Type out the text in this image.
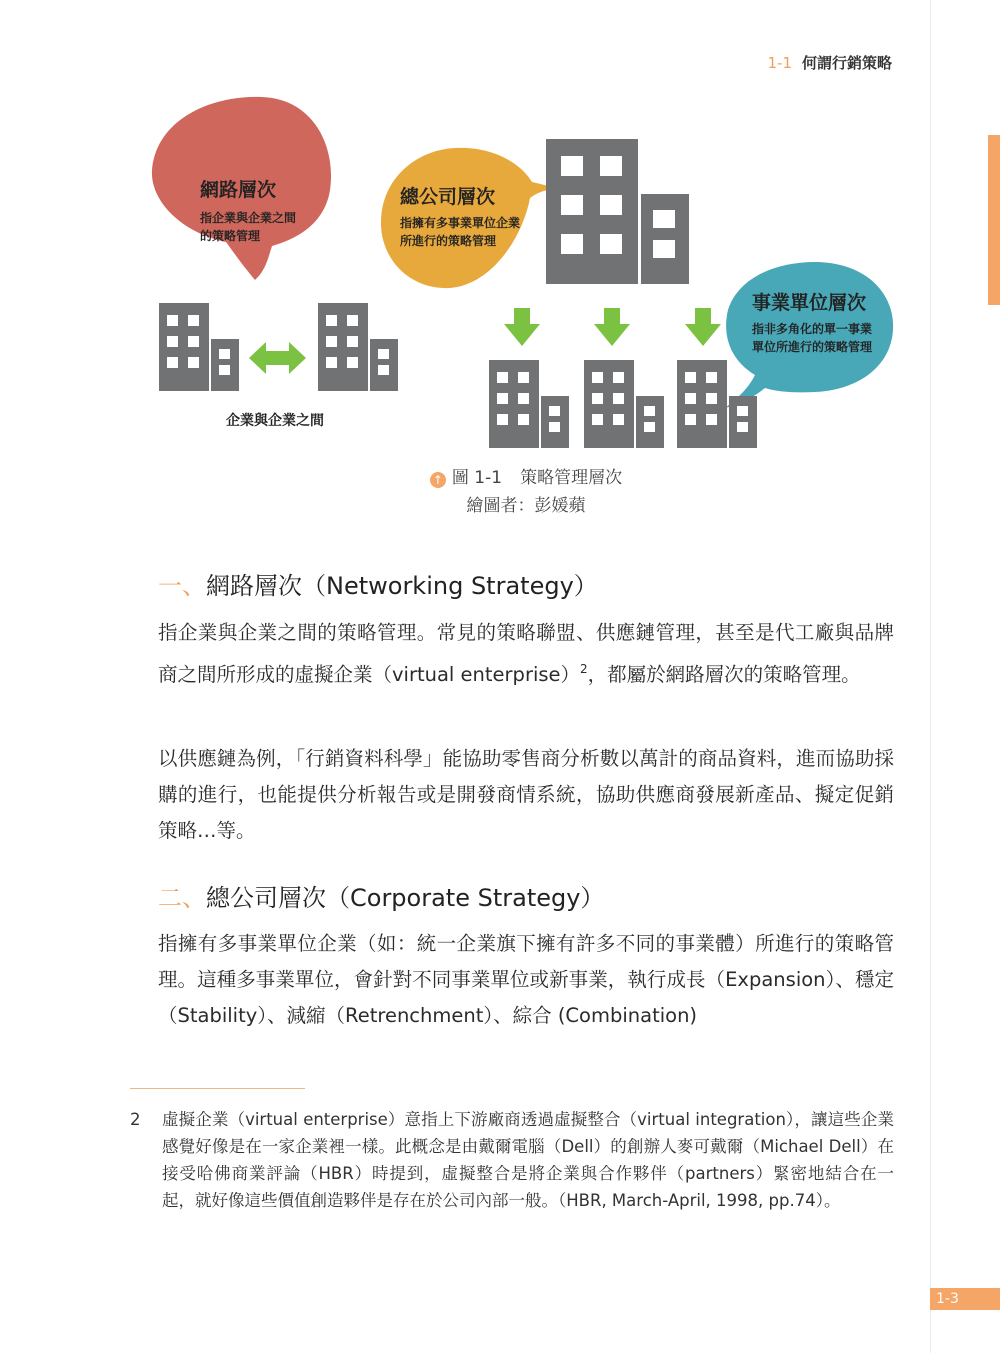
1-1 何謂行銷策略
網路層次
指企業與企業之間
的策略管理
總公司層次
指擁有多事業單位企業
所進行的策略管理
事業單位層次
指非多角化的單一事業
單位所進行的策略管理
企業與企業之間
↑ 圖 1-1 策略管理層次
繪圖者：彭媛蘋
一、網路層次（Networking Strategy）
指企業與企業之間的策略管理。常見的策略聯盟、供應鏈管理，甚至是代工廠與品牌商之間所形成的虛擬企業（virtual enterprise）$^2$，都屬於網路層次的策略管理。
以供應鏈為例，「行銷資料科學」能協助零售商分析數以萬計的商品資料，進而協助採購的進行，也能提供分析報告或是開發商情系統，協助供應商發展新產品、擬定促銷策略…等。
二、總公司層次（Corporate Strategy）
指擁有多事業單位企業（如：統一企業旗下擁有許多不同的事業體）所進行的策略管理。這種多事業單位，會針對不同事業單位或新事業，執行成長（Expansion）、穩定（Stability）、減縮（Retrenchment）、綜合 (Combination)
2	虛擬企業（virtual enterprise）意指上下游廠商透過虛擬整合（virtual integration），讓這些企業感覺好像是在一家企業裡一樣。此概念是由戴爾電腦（Dell）的創辦人麥可戴爾（Michael Dell）在接受哈佛商業評論（HBR）時提到，虛擬整合是將企業與合作夥伴（partners）緊密地結合在一起，就好像這些價值創造夥伴是存在於公司內部一般。（HBR, March-April, 1998, pp.74）。
1-3
